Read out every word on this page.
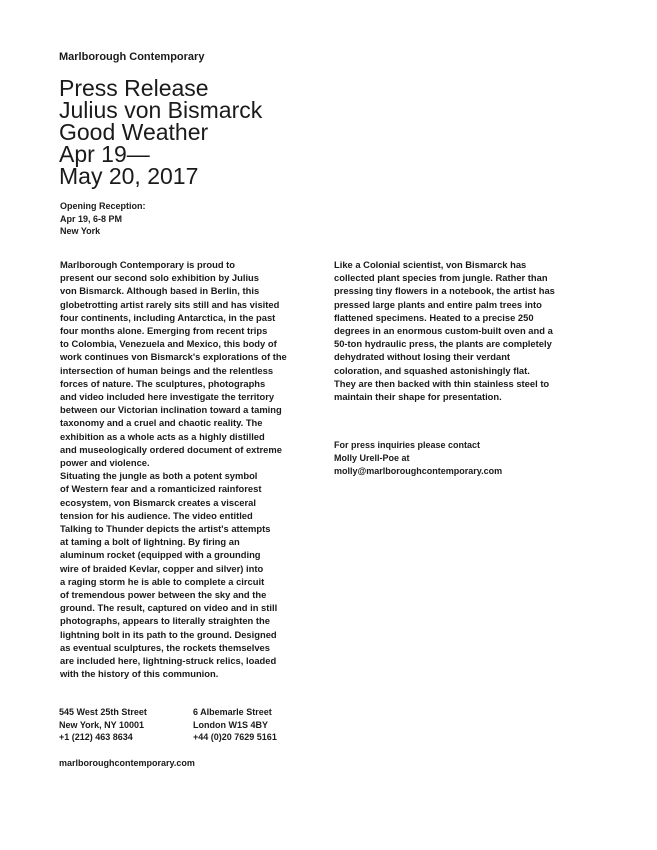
Marlborough Contemporary
Press Release
Julius von Bismarck
Good Weather
Apr 19—
May 20, 2017
Opening Reception:
Apr 19, 6-8 PM
New York
Marlborough Contemporary is proud to
present our second solo exhibition by Julius
von Bismarck. Although based in Berlin, this
globetrotting artist rarely sits still and has visited
four continents, including Antarctica, in the past
four months alone. Emerging from recent trips
to Colombia, Venezuela and Mexico, this body of
work continues von Bismarck's explorations of the
intersection of human beings and the relentless
forces of nature. The sculptures, photographs
and video included here investigate the territory
between our Victorian inclination toward a taming
taxonomy and a cruel and chaotic reality. The
exhibition as a whole acts as a highly distilled
and museologically ordered document of extreme
power and violence.
Situating the jungle as both a potent symbol
of Western fear and a romanticized rainforest
ecosystem, von Bismarck creates a visceral
tension for his audience. The video entitled
Talking to Thunder depicts the artist's attempts
at taming a bolt of lightning. By firing an
aluminum rocket (equipped with a grounding
wire of braided Kevlar, copper and silver) into
a raging storm he is able to complete a circuit
of tremendous power between the sky and the
ground. The result, captured on video and in still
photographs, appears to literally straighten the
lightning bolt in its path to the ground. Designed
as eventual sculptures, the rockets themselves
are included here, lightning-struck relics, loaded
with the history of this communion.
Like a Colonial scientist, von Bismarck has
collected plant species from jungle. Rather than
pressing tiny flowers in a notebook, the artist has
pressed large plants and entire palm trees into
flattened specimens. Heated to a precise 250
degrees in an enormous custom-built oven and a
50-ton hydraulic press, the plants are completely
dehydrated without losing their verdant
coloration, and squashed astonishingly flat.
They are then backed with thin stainless steel to
maintain their shape for presentation.
For press inquiries please contact
Molly Urell-Poe at
molly@marlboroughcontemporary.com
545 West 25th Street
New York, NY 10001
+1 (212) 463 8634
6 Albemarle Street
London W1S 4BY
+44 (0)20 7629 5161
marlboroughcontemporary.com
